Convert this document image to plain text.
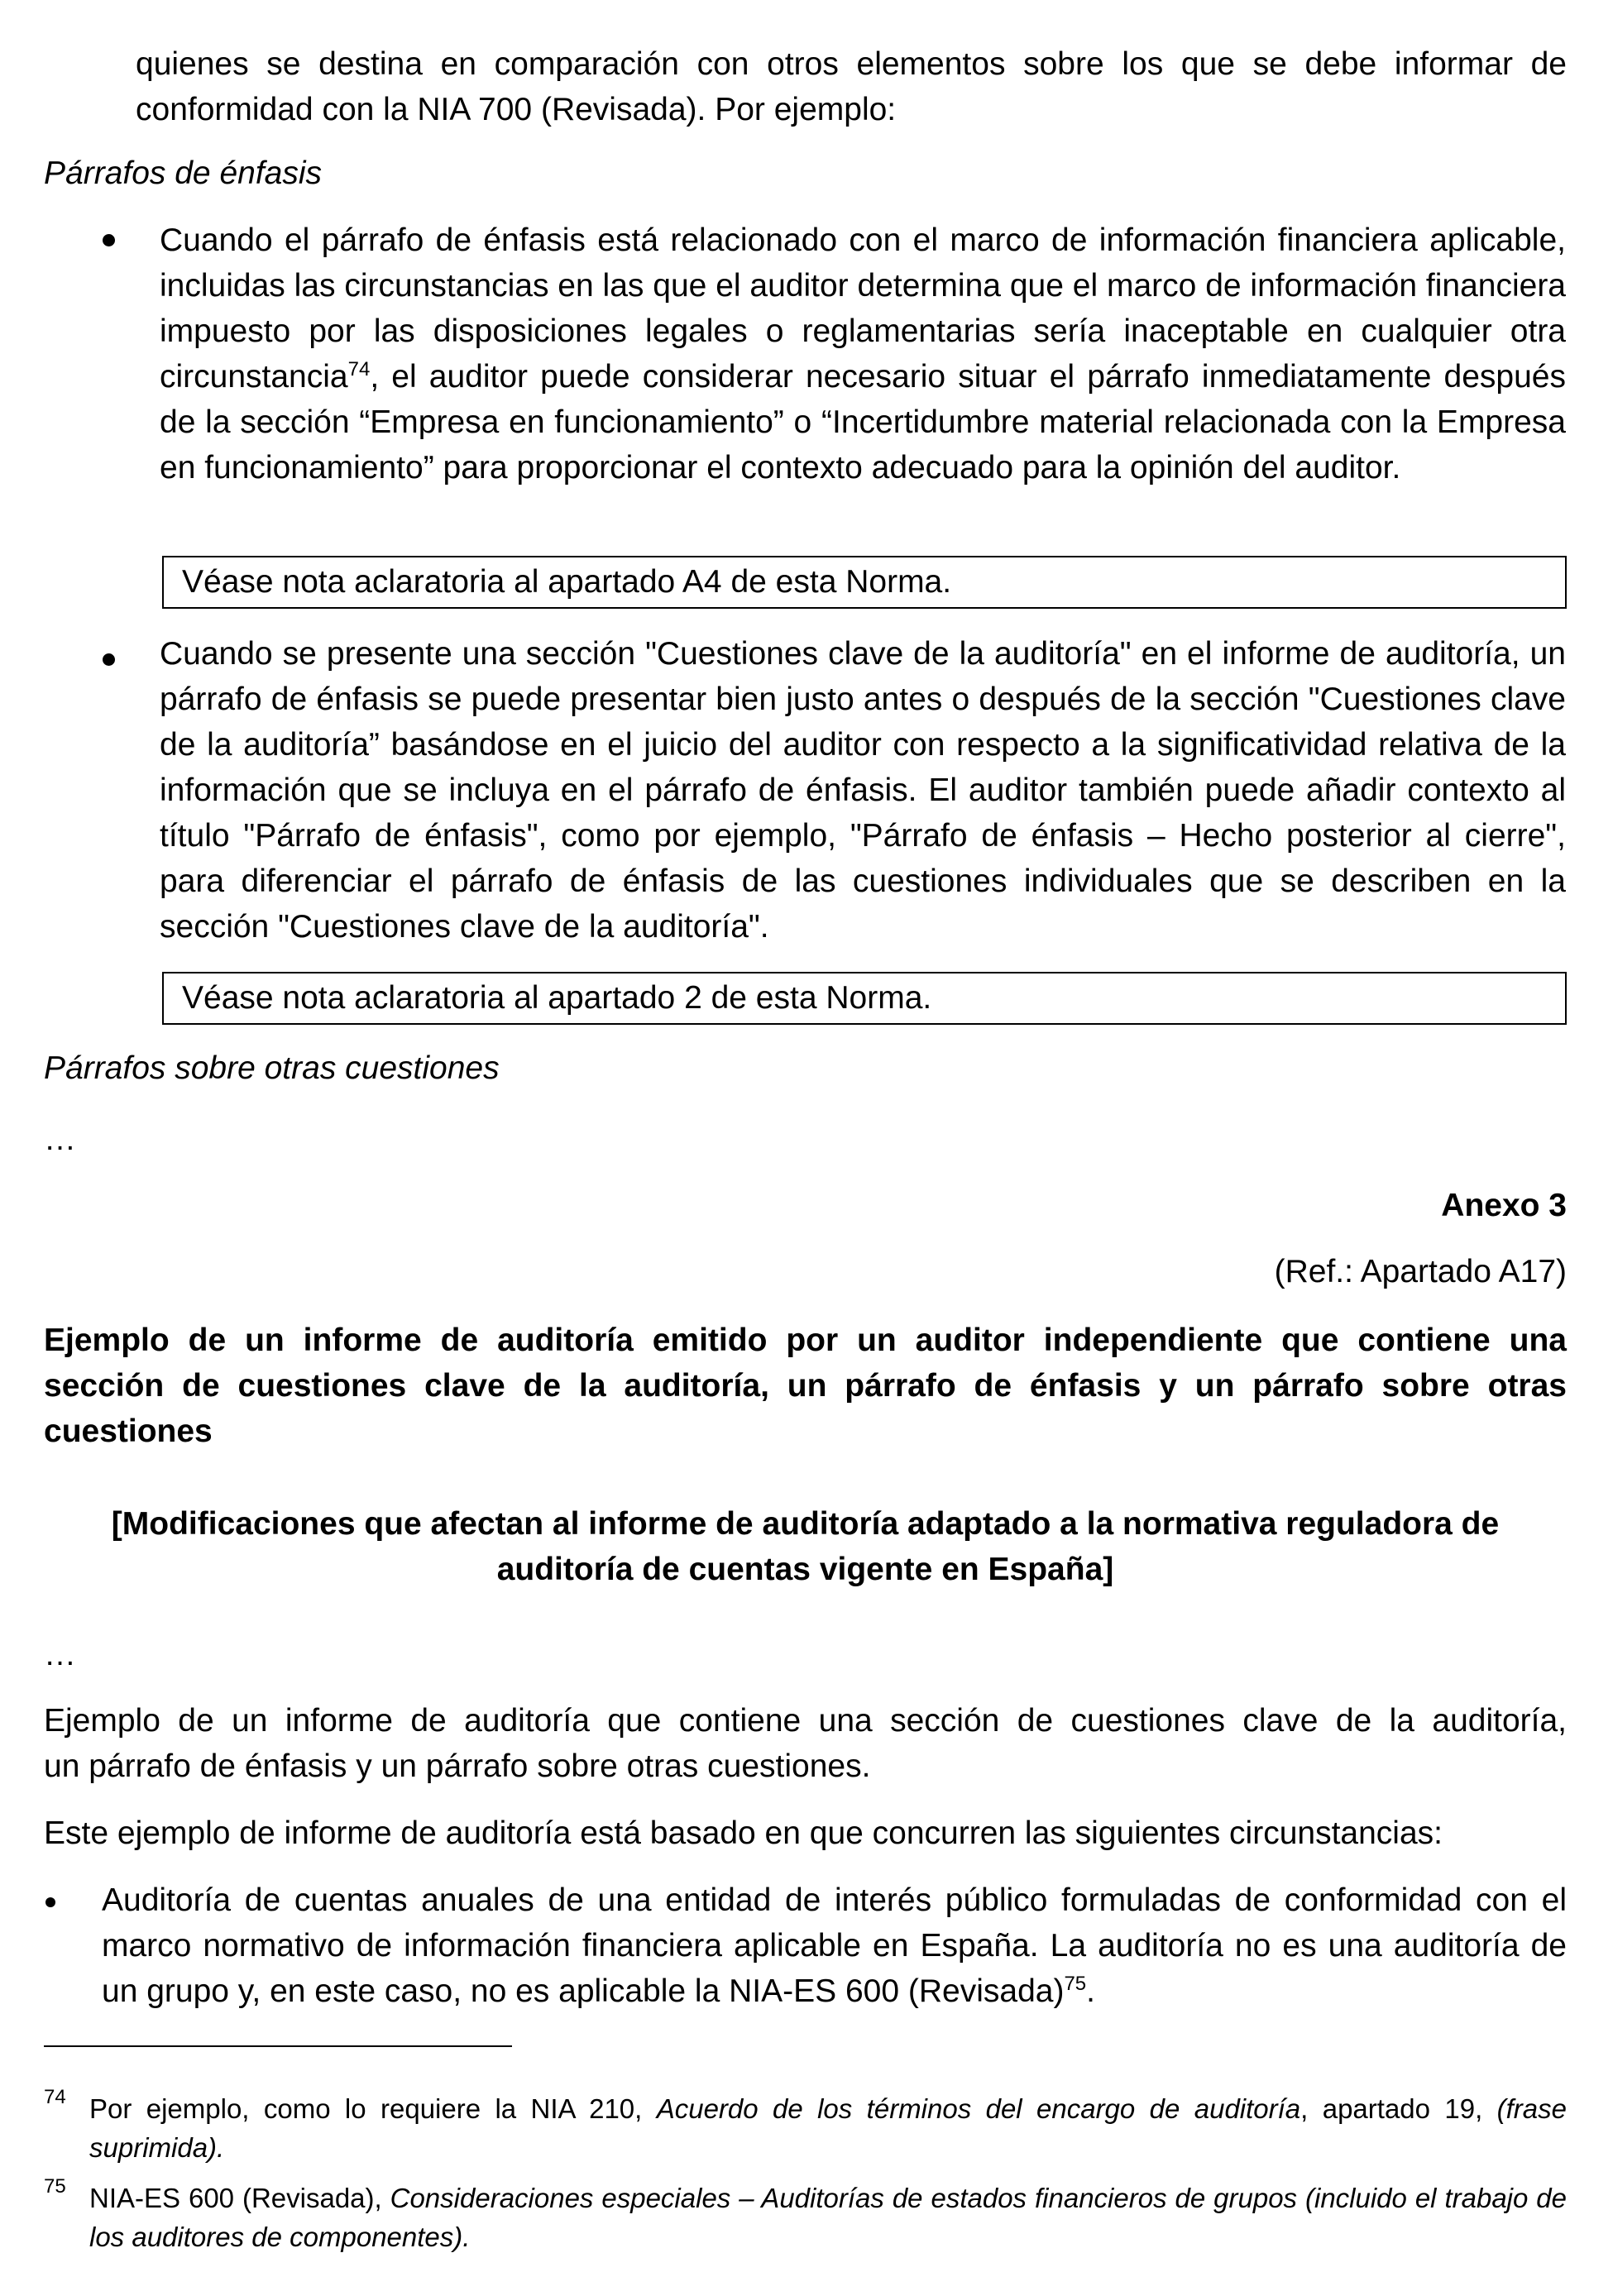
quienes se destina en comparación con otros elementos sobre los que se debe informar de
conformidad con la NIA 700 (Revisada). Por ejemplo:
Párrafos de énfasis
Cuando el párrafo de énfasis está relacionado con el marco de información financiera aplicable, incluidas las circunstancias en las que el auditor determina que el marco de información financiera impuesto por las disposiciones legales o reglamentarias sería inaceptable en cualquier otra circunstancia$^{74}$, el auditor puede considerar necesario situar el párrafo inmediatamente después de la sección “Empresa en funcionamiento” o “Incertidumbre material relacionada con la Empresa en funcionamiento” para proporcionar el contexto adecuado para la opinión del auditor.
Véase nota aclaratoria al apartado A4 de esta Norma.
Cuando se presente una sección "Cuestiones clave de la auditoría" en el informe de auditoría, un párrafo de énfasis se puede presentar bien justo antes o después de la sección "Cuestiones clave de la auditoría” basándose en el juicio del auditor con respecto a la significatividad relativa de la información que se incluya en el párrafo de énfasis. El auditor también puede añadir contexto al título "Párrafo de énfasis", como por ejemplo, "Párrafo de énfasis – Hecho posterior al cierre", para diferenciar el párrafo de énfasis de las cuestiones individuales que se describen en la sección "Cuestiones clave de la auditoría".
Véase nota aclaratoria al apartado 2 de esta Norma.
Párrafos sobre otras cuestiones
…
Anexo 3
(Ref.: Apartado A17)
Ejemplo de un informe de auditoría emitido por un auditor independiente que contiene una
sección de cuestiones clave de la auditoría, un párrafo de énfasis y un párrafo sobre otras
cuestiones
[Modificaciones que afectan al informe de auditoría adaptado a la normativa reguladora de
auditoría de cuentas vigente en España]
…
Ejemplo de un informe de auditoría que contiene una sección de cuestiones clave de la auditoría,
un párrafo de énfasis y un párrafo sobre otras cuestiones.
Este ejemplo de informe de auditoría está basado en que concurren las siguientes circunstancias:
Auditoría de cuentas anuales de una entidad de interés público formuladas de conformidad con el marco normativo de información financiera aplicable en España. La auditoría no es una auditoría de un grupo y, en este caso, no es aplicable la NIA-ES 600 (Revisada)$^{75}$.
74 Por ejemplo, como lo requiere la NIA 210, Acuerdo de los términos del encargo de auditoría, apartado 19, (frase suprimida).
75 NIA-ES 600 (Revisada), Consideraciones especiales – Auditorías de estados financieros de grupos (incluido el trabajo de los auditores de componentes).
